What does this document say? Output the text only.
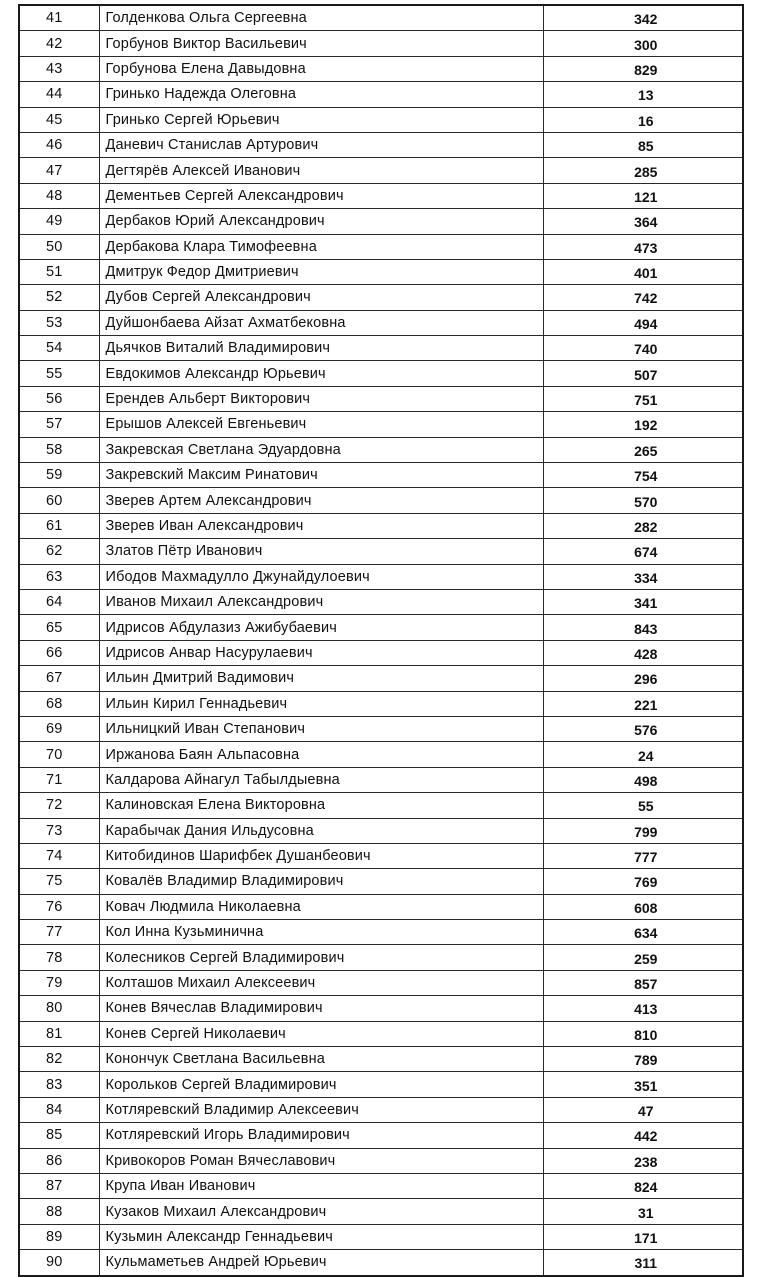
41	Голденкова Ольга Сергеевна	342
42	Горбунов Виктор Васильевич	300
43	Горбунова Елена Давыдовна	829
44	Гринько Надежда Олеговна	13
45	Гринько Сергей Юрьевич	16
46	Даневич Станислав Артурович	85
47	Дегтярёв Алексей Иванович	285
48	Дементьев Сергей Александрович	121
49	Дербаков Юрий Александрович	364
50	Дербакова Клара Тимофеевна	473
51	Дмитрук Федор Дмитриевич	401
52	Дубов Сергей Александрович	742
53	Дуйшонбаева Айзат Ахматбековна	494
54	Дьячков Виталий Владимирович	740
55	Евдокимов Александр Юрьевич	507
56	Ерендев Альберт Викторович	751
57	Ерышов Алексей Евгеньевич	192
58	Закревская Светлана Эдуардовна	265
59	Закревский Максим Ринатович	754
60	Зверев Артем Александрович	570
61	Зверев Иван Александрович	282
62	Златов Пётр Иванович	674
63	Ибодов Махмадулло Джунайдулоевич	334
64	Иванов Михаил Александрович	341
65	Идрисов Абдулазиз Ажибубаевич	843
66	Идрисов Анвар Насурулаевич	428
67	Ильин Дмитрий Вадимович	296
68	Ильин Кирил Геннадьевич	221
69	Ильницкий Иван Степанович	576
70	Иржанова Баян Альпасовна	24
71	Калдарова Айнагул Табылдыевна	498
72	Калиновская Елена Викторовна	55
73	Карабычак Дания Ильдусовна	799
74	Китобидинов Шарифбек Душанбеович	777
75	Ковалёв Владимир Владимирович	769
76	Ковач Людмила Николаевна	608
77	Кол Инна Кузьминична	634
78	Колесников Сергей Владимирович	259
79	Колташов Михаил Алексеевич	857
80	Конев Вячеслав Владимирович	413
81	Конев Сергей Николаевич	810
82	Конончук Светлана Васильевна	789
83	Корольков Сергей Владимирович	351
84	Котляревский Владимир Алексеевич	47
85	Котляревский Игорь Владимирович	442
86	Кривокоров Роман Вячеславович	238
87	Крупа Иван Иванович	824
88	Кузаков Михаил Александрович	31
89	Кузьмин Александр Геннадьевич	171
90	Кульмаметьев Андрей Юрьевич	311
